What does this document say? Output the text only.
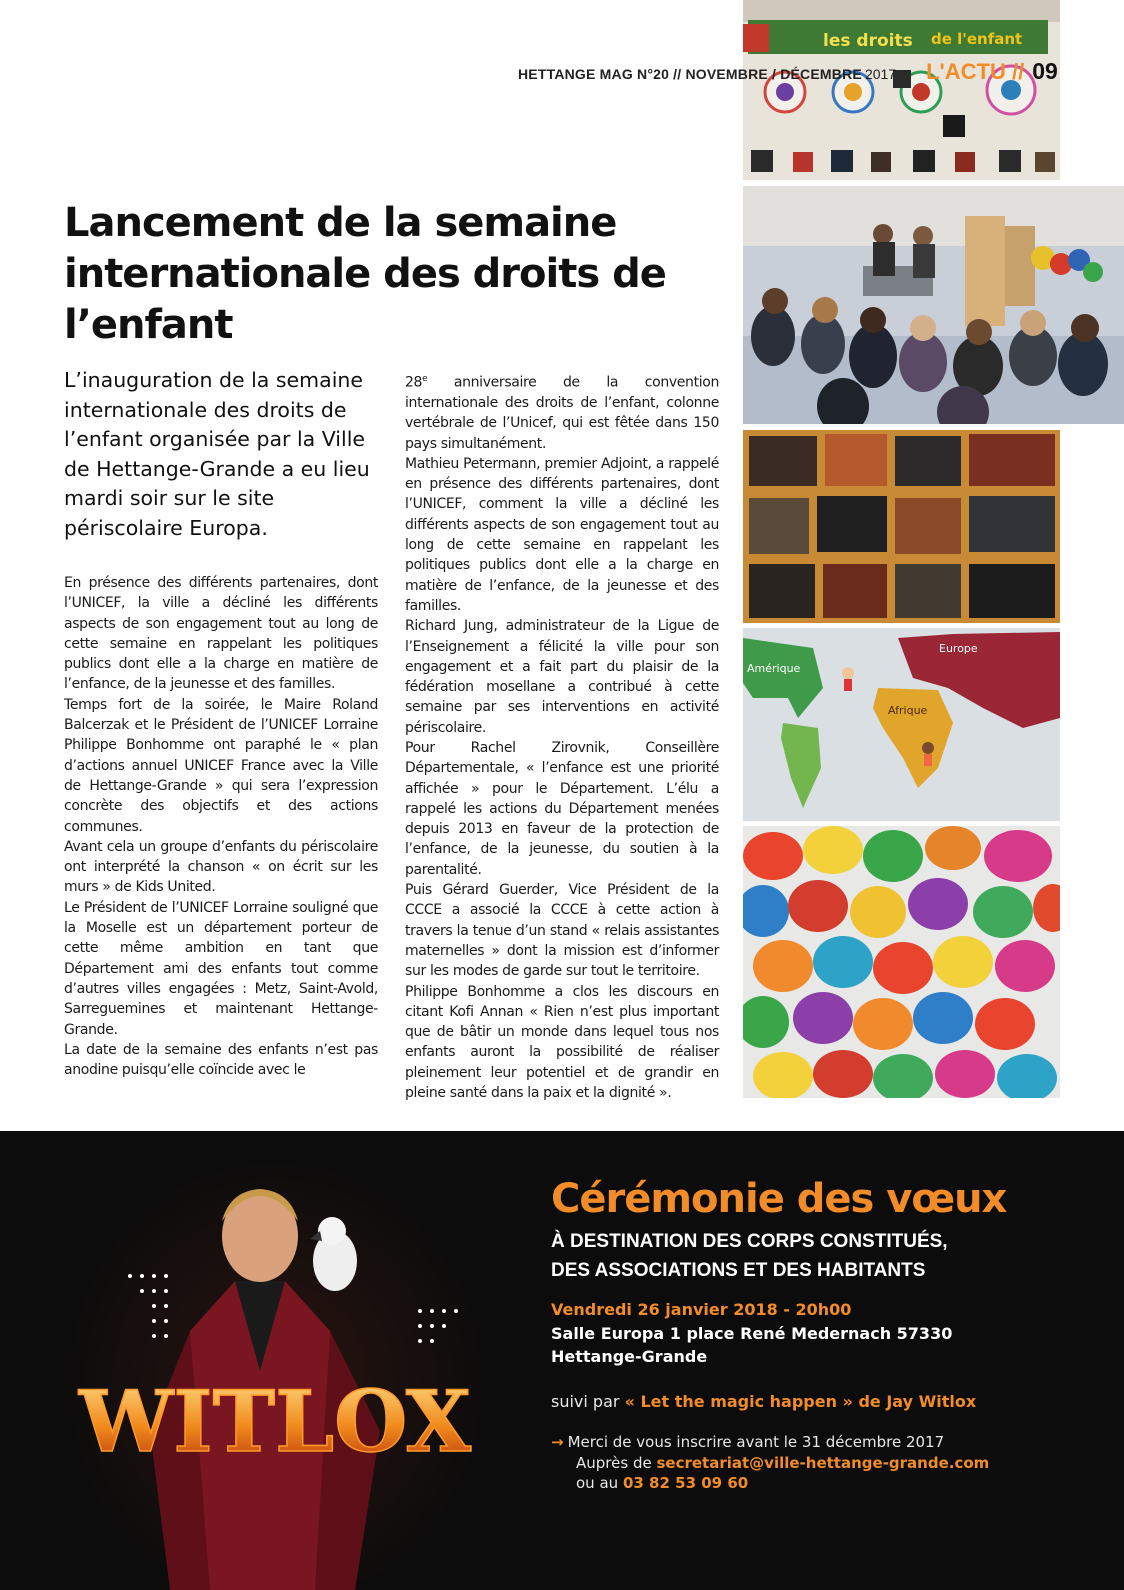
HETTANGE MAG N°20 // NOVEMBRE / DÉCEMBRE 2017 L'ACTU // 09
Lancement de la semaine internationale des droits de l’enfant

L’inauguration de la semaine internationale des droits de l’enfant organisée par la Ville de Hettange-Grande a eu lieu mardi soir sur le site périscolaire Europa.

En présence des différents partenaires, dont l’UNICEF, la ville a décliné les différents aspects de son engagement tout au long de cette semaine en rappelant les politiques publics dont elle a la charge en matière de l’enfance, de la jeunesse et des familles.

Temps fort de la soirée, le Maire Roland Balcerzak et le Président de l’UNICEF Lorraine Philippe Bonhomme ont paraphé le « plan d’actions annuel UNICEF France avec la Ville de Hettange-Grande » qui sera l’expression concrète des objectifs et des actions communes.

Avant cela un groupe d’enfants du périscolaire ont interprété la chanson « on écrit sur les murs » de Kids United.

Le Président de l’UNICEF Lorraine souligné que la Moselle est un département porteur de cette même ambition en tant que Département ami des enfants tout comme d’autres villes engagées : Metz, Saint-Avold, Sarreguemines et maintenant Hettange-Grande.

La date de la semaine des enfants n’est pas anodine puisqu’elle coïncide avec le

28e anniversaire de la convention internationale des droits de l’enfant, colonne vertébrale de l’Unicef, qui est fêtée dans 150 pays simultanément.

Mathieu Petermann, premier Adjoint, a rappelé en présence des différents partenaires, dont l’UNICEF, comment la ville a décliné les différents aspects de son engagement tout au long de cette semaine en rappelant les politiques publics dont elle a la charge en matière de l’enfance, de la jeunesse et des familles.

Richard Jung, administrateur de la Ligue de l’Enseignement a félicité la ville pour son engagement et a fait part du plaisir de la fédération mosellane a contribué à cette semaine par ses interventions en activité périscolaire.

Pour Rachel Zirovnik, Conseillère Départementale, « l’enfance est une priorité affichée » pour le Département. L’élu a rappelé les actions du Département menées depuis 2013 en faveur de la protection de l’enfance, de la jeunesse, du soutien à la parentalité.

Puis Gérard Guerder, Vice Président de la CCCE a associé la CCCE à cette action à travers la tenue d’un stand « relais assistantes maternelles » dont la mission est d’informer sur les modes de garde sur tout le territoire.

Philippe Bonhomme a clos les discours en citant Kofi Annan « Rien n’est plus important que de bâtir un monde dans lequel tous nos enfants auront la possibilité de réaliser pleinement leur potentiel et de grandir en pleine santé dans la paix et la dignité ».

les droits de l'enfant
Amérique
Europe
Afrique
WITLOX
Cérémonie des vœux
À DESTINATION DES CORPS CONSTITUÉS,
DES ASSOCIATIONS ET DES HABITANTS
Vendredi 26 janvier 2018 - 20h00
Salle Europa 1 place René Medernach 57330
Hettange-Grande
suivi par « Let the magic happen » de Jay Witlox
→ Merci de vous inscrire avant le 31 décembre 2017
Auprès de secretariat@ville-hettange-grande.com
ou au 03 82 53 09 60
